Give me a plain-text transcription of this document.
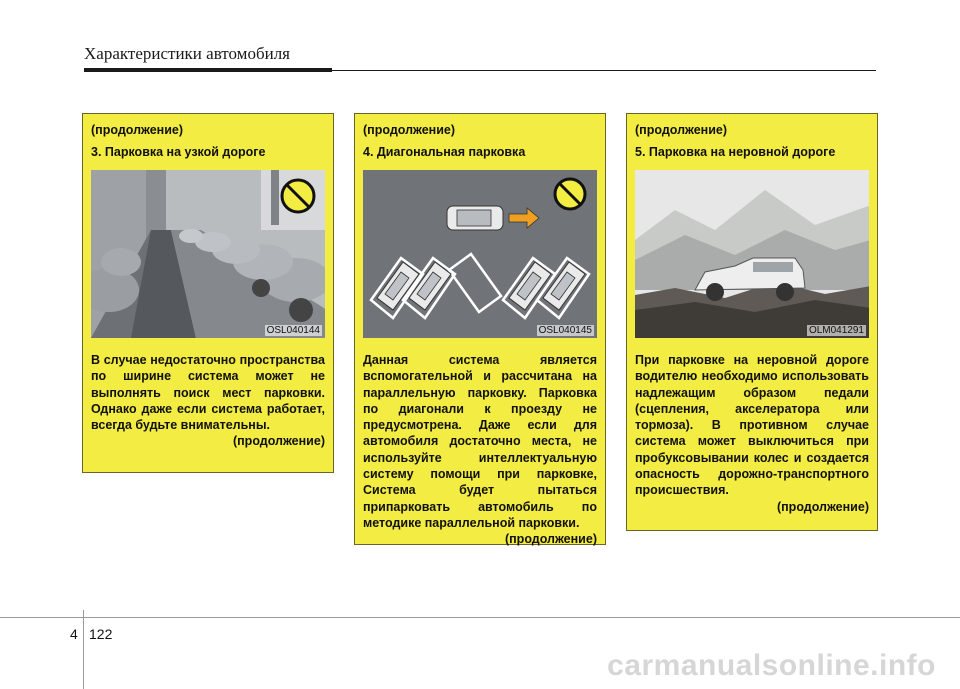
Характеристики автомобиля
(продолжение)
3. Парковка на узкой дороге
OSL040144
В случае недостаточно пространства по ширине система может не выполнять поиск мест парковки. Однако даже если система работает, всегда будьте внимательны.
(продолжение)
(продолжение)
4. Диагональная парковка
OSL040145
Данная система является вспомогательной и рассчитана на параллельную парковку. Парковка по диагонали к проезду не предусмотрена. Даже если для автомобиля достаточно места, не используйте интеллектуальную систему помощи при парковке, Система будет пытаться припарковать автомобиль по методике параллельной парковки.
(продолжение)
(продолжение)
5. Парковка на неровной дороге
OLM041291
При парковке на неровной дороге водителю необходимо использовать надлежащим образом педали (сцепления, акселератора или тормоза). В противном случае система может выключиться при пробуксовывании колес и создается опасность дорожно-транспортного происшествия.
(продолжение)
4 122
carmanualsonline.info
